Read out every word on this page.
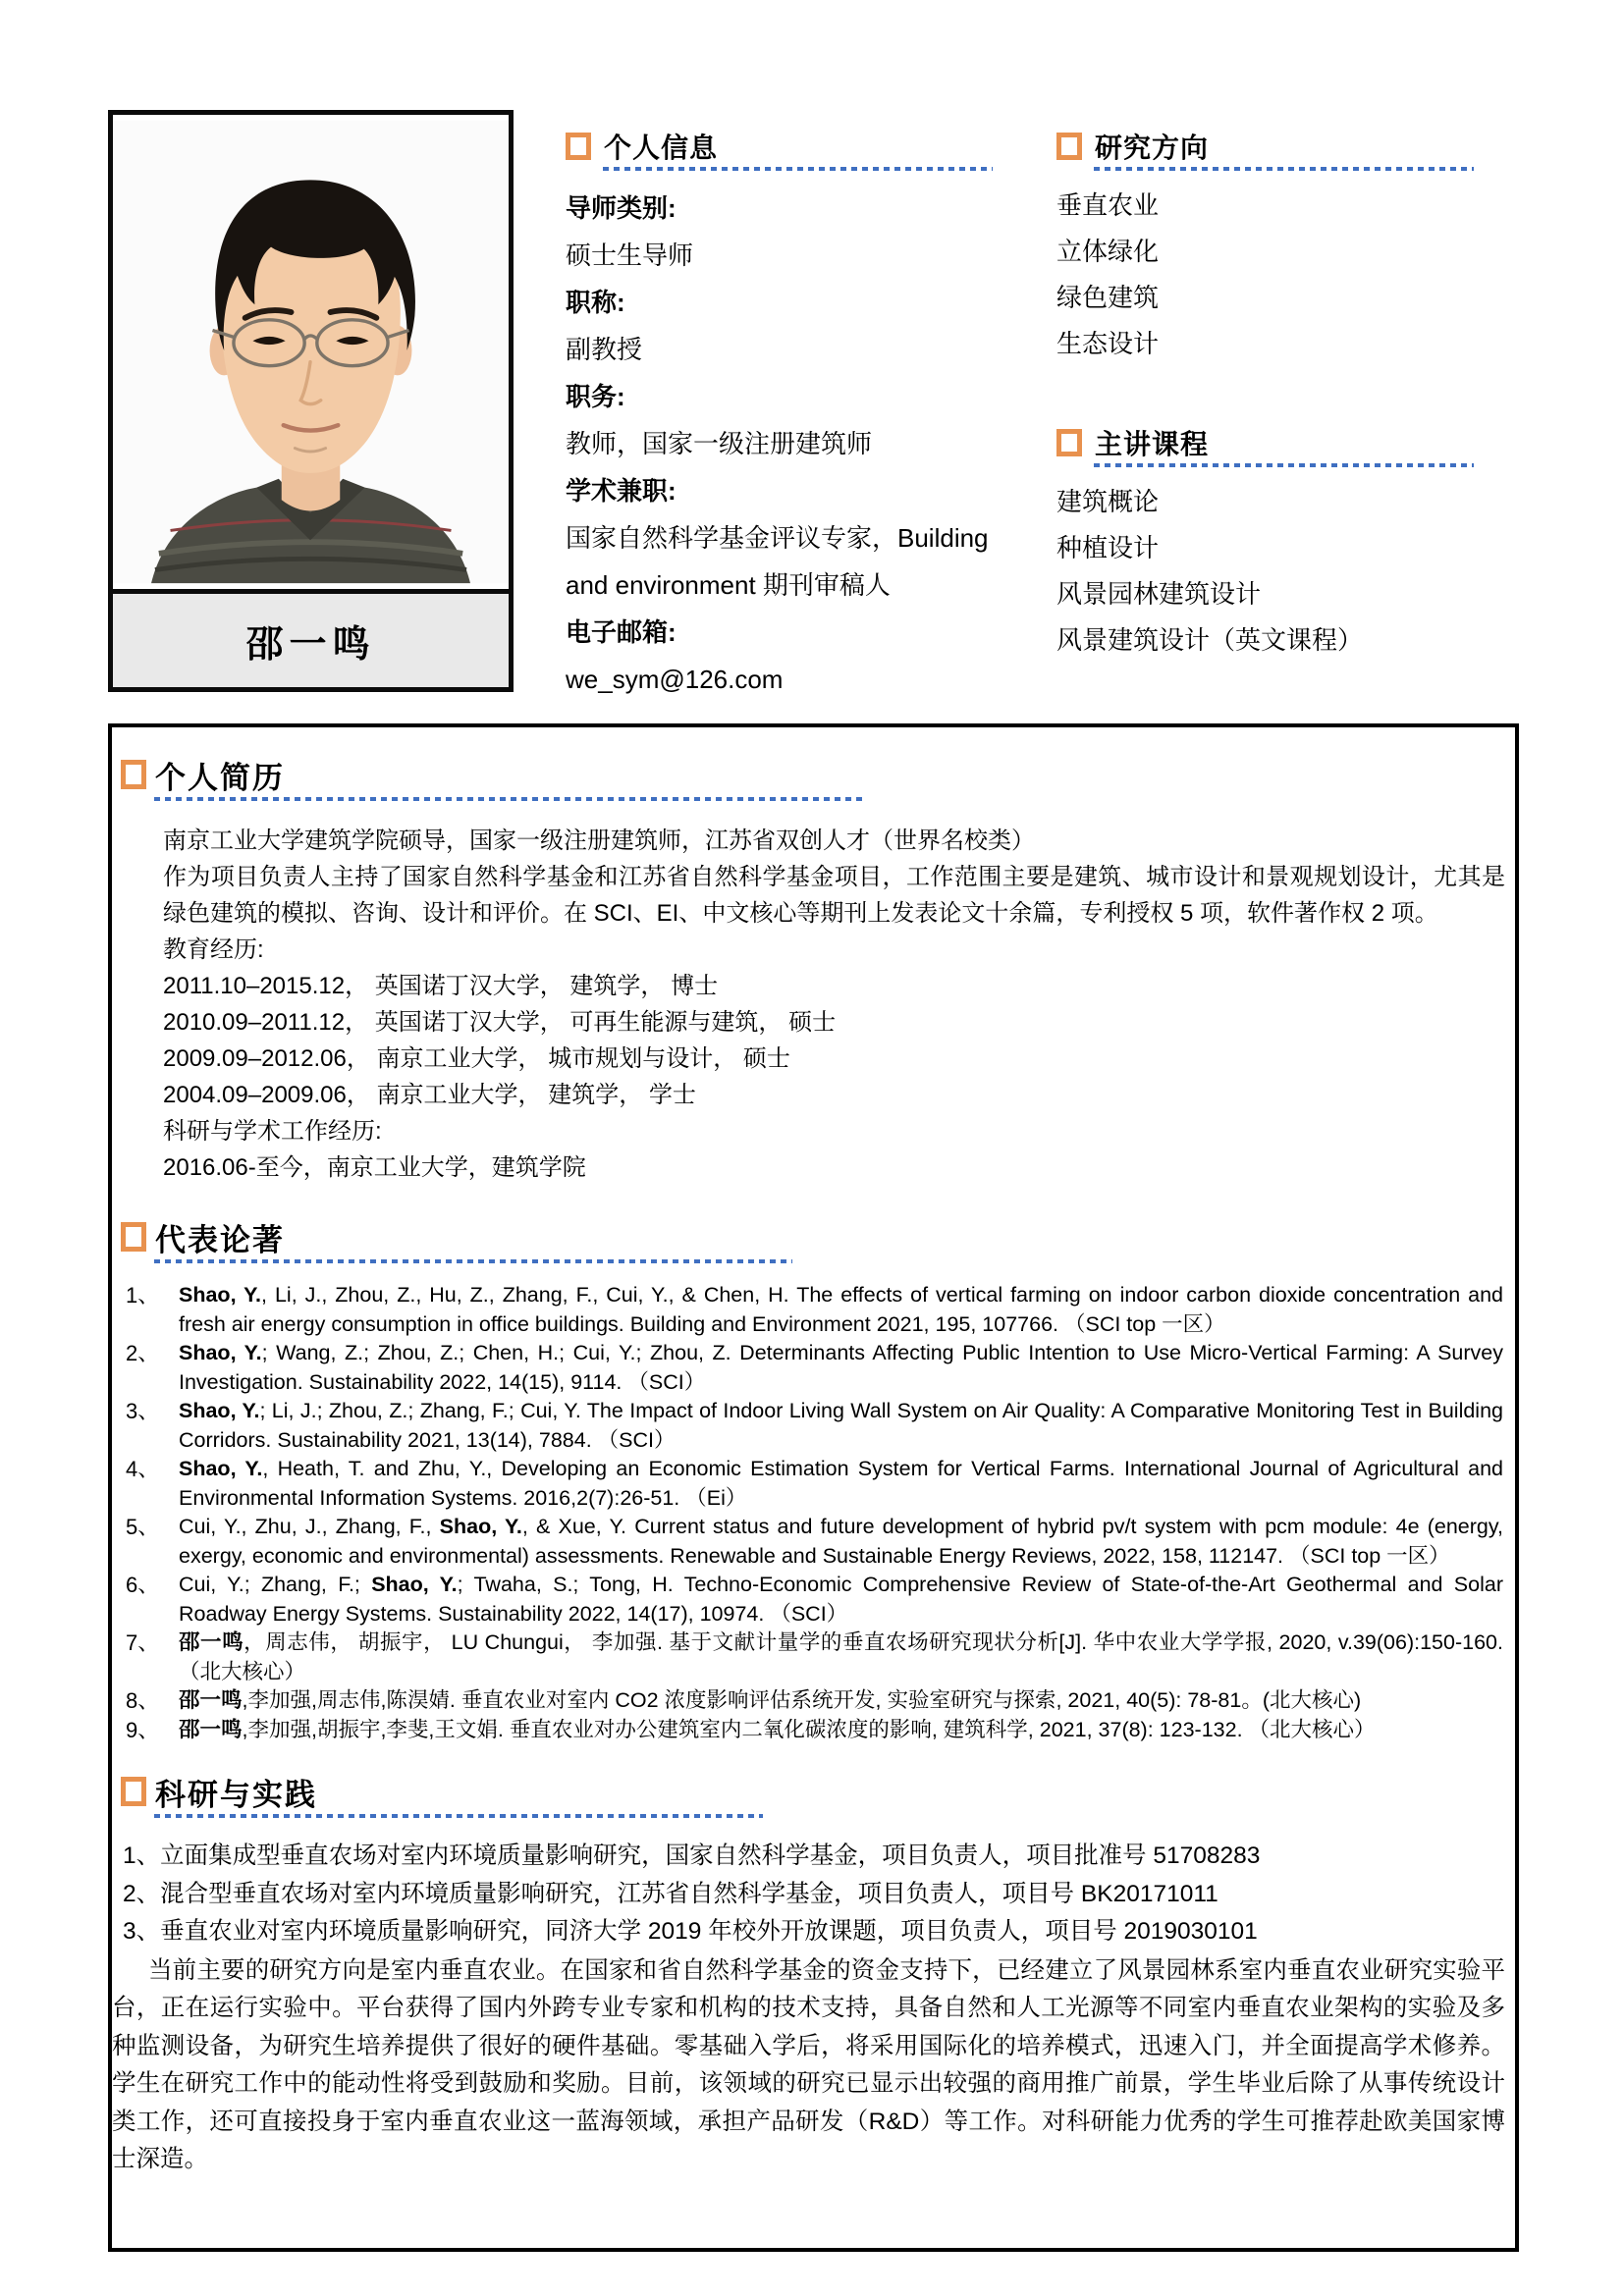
邵一鸣
个人信息
导师类别:
硕士生导师
职称:
副教授
职务:
教师，国家一级注册建筑师
学术兼职:
国家自然科学基金评议专家，Building and environment 期刊审稿人
电子邮箱:
we_sym@126.com
研究方向
垂直农业
立体绿化
绿色建筑
生态设计
主讲课程
建筑概论
种植设计
风景园林建筑设计
风景建筑设计（英文课程）
个人简历
南京工业大学建筑学院硕导，国家一级注册建筑师，江苏省双创人才（世界名校类）
作为项目负责人主持了国家自然科学基金和江苏省自然科学基金项目，工作范围主要是建筑、城市设计和景观规划设计，尤其是绿色建筑的模拟、咨询、设计和评价。在 SCI、EI、中文核心等期刊上发表论文十余篇，专利授权 5 项，软件著作权 2 项。
教育经历:
2011.10–2015.12， 英国诺丁汉大学， 建筑学， 博士
2010.09–2011.12， 英国诺丁汉大学， 可再生能源与建筑， 硕士
2009.09–2012.06， 南京工业大学， 城市规划与设计， 硕士
2004.09–2009.06， 南京工业大学， 建筑学， 学士
科研与学术工作经历:
2016.06-至今，南京工业大学，建筑学院
代表论著
1、 Shao, Y., Li, J., Zhou, Z., Hu, Z., Zhang, F., Cui, Y., & Chen, H. The effects of vertical farming on indoor carbon dioxide concentration and fresh air energy consumption in office buildings. Building and Environment 2021, 195, 107766. （SCI top 一区）
2、 Shao, Y.; Wang, Z.; Zhou, Z.; Chen, H.; Cui, Y.; Zhou, Z. Determinants Affecting Public Intention to Use Micro-Vertical Farming: A Survey Investigation. Sustainability 2022, 14(15), 9114. （SCI）
3、 Shao, Y.; Li, J.; Zhou, Z.; Zhang, F.; Cui, Y. The Impact of Indoor Living Wall System on Air Quality: A Comparative Monitoring Test in Building Corridors. Sustainability 2021, 13(14), 7884. （SCI）
4、 Shao, Y., Heath, T. and Zhu, Y., Developing an Economic Estimation System for Vertical Farms. International Journal of Agricultural and Environmental Information Systems. 2016,2(7):26-51. （Ei）
5、 Cui, Y., Zhu, J., Zhang, F., Shao, Y., & Xue, Y. Current status and future development of hybrid pv/t system with pcm module: 4e (energy, exergy, economic and environmental) assessments. Renewable and Sustainable Energy Reviews, 2022, 158, 112147. （SCI top 一区）
6、 Cui, Y.; Zhang, F.; Shao, Y.; Twaha, S.; Tong, H. Techno-Economic Comprehensive Review of State-of-the-Art Geothermal and Solar Roadway Energy Systems. Sustainability 2022, 14(17), 10974. （SCI）
7、 邵一鸣，周志伟， 胡振宇， LU Chungui， 李加强. 基于文献计量学的垂直农场研究现状分析[J]. 华中农业大学学报, 2020, v.39(06):150-160.（北大核心）
8、 邵一鸣,李加强,周志伟,陈淏婧. 垂直农业对室内 CO2 浓度影响评估系统开发, 实验室研究与探索, 2021, 40(5): 78-81。(北大核心)
9、 邵一鸣,李加强,胡振宇,李斐,王文娟. 垂直农业对办公建筑室内二氧化碳浓度的影响, 建筑科学, 2021, 37(8): 123-132. （北大核心）
科研与实践
1、立面集成型垂直农场对室内环境质量影响研究，国家自然科学基金，项目负责人，项目批准号 51708283
2、混合型垂直农场对室内环境质量影响研究，江苏省自然科学基金，项目负责人，项目号 BK20171011
3、垂直农业对室内环境质量影响研究，同济大学 2019 年校外开放课题，项目负责人，项目号 2019030101

当前主要的研究方向是室内垂直农业。在国家和省自然科学基金的资金支持下，已经建立了风景园林系室内垂直农业研究实验平台，正在运行实验中。平台获得了国内外跨专业专家和机构的技术支持，具备自然和人工光源等不同室内垂直农业架构的实验及多种监测设备，为研究生培养提供了很好的硬件基础。零基础入学后，将采用国际化的培养模式，迅速入门，并全面提高学术修养。学生在研究工作中的能动性将受到鼓励和奖励。目前，该领域的研究已显示出较强的商用推广前景，学生毕业后除了从事传统设计类工作，还可直接投身于室内垂直农业这一蓝海领域，承担产品研发（R&D）等工作。对科研能力优秀的学生可推荐赴欧美国家博士深造。
